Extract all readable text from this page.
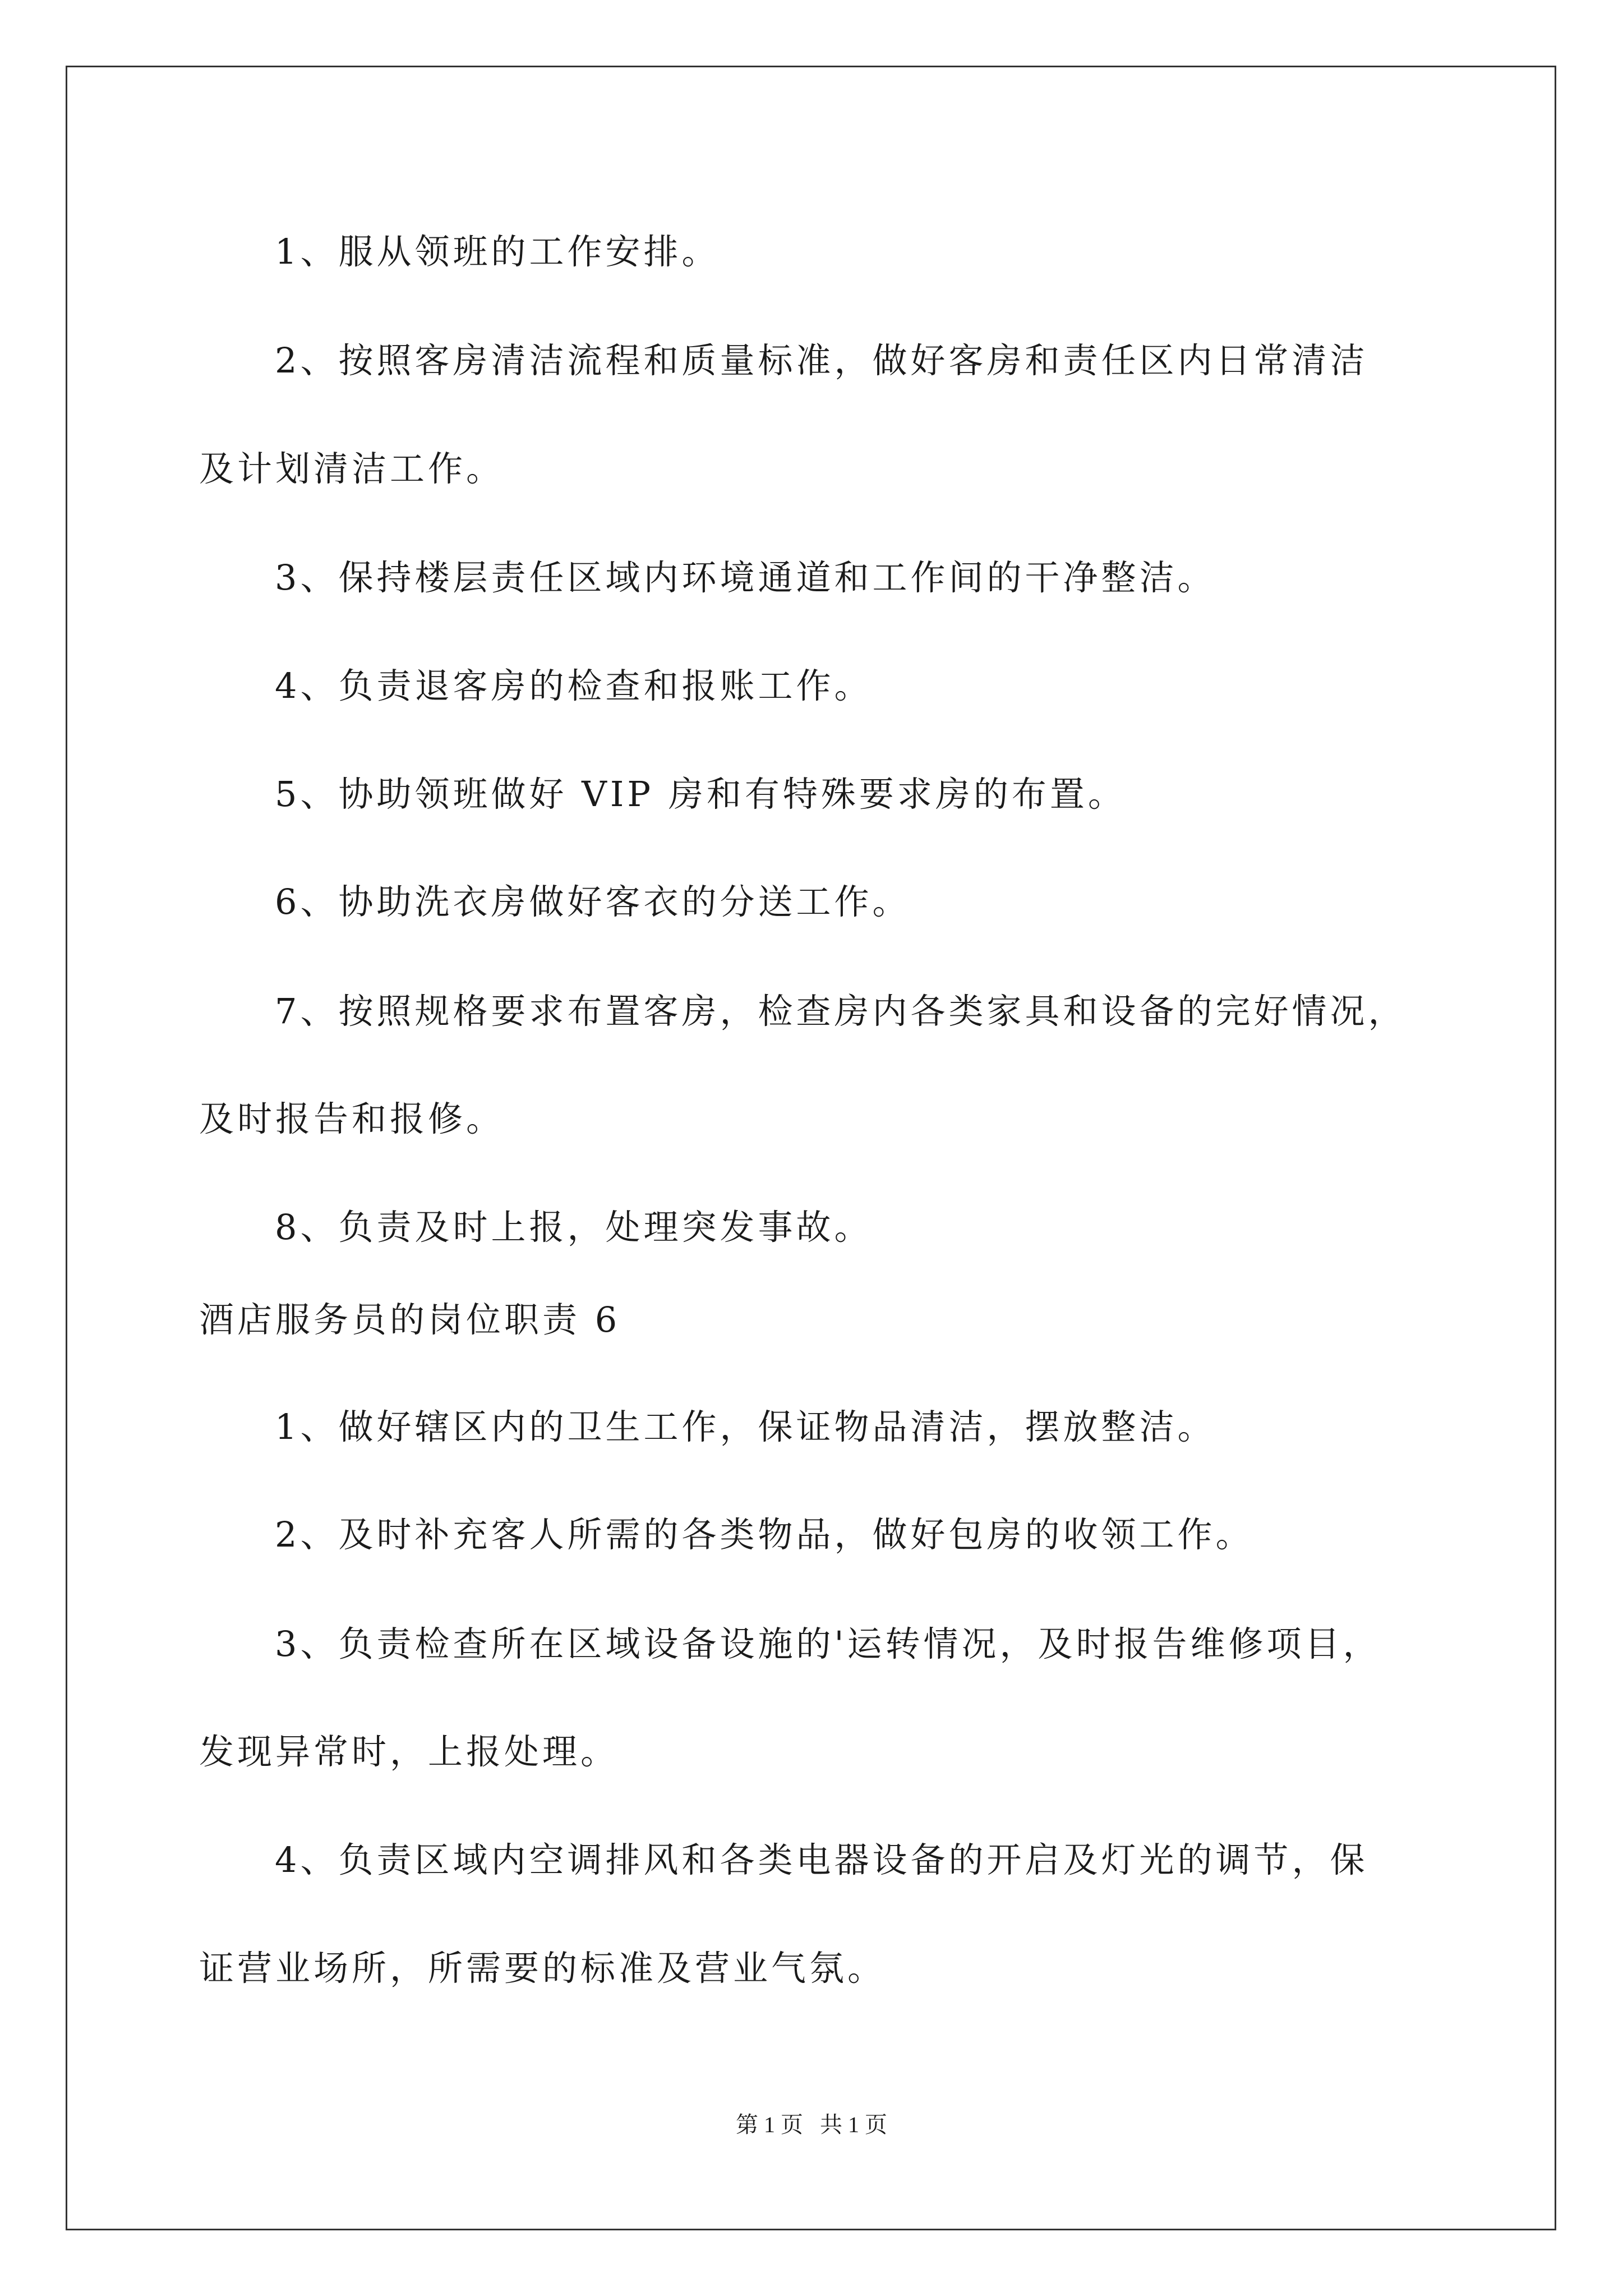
1、服从领班的工作安排。
2、按照客房清洁流程和质量标准，做好客房和责任区内日常清洁
及计划清洁工作。
3、保持楼层责任区域内环境通道和工作间的干净整洁。
4、负责退客房的检查和报账工作。
5、协助领班做好 VIP 房和有特殊要求房的布置。
6、协助洗衣房做好客衣的分送工作。
7、按照规格要求布置客房，检查房内各类家具和设备的完好情况，
及时报告和报修。
8、负责及时上报，处理突发事故。
酒店服务员的岗位职责 6
1、做好辖区内的卫生工作，保证物品清洁，摆放整洁。
2、及时补充客人所需的各类物品，做好包房的收领工作。
3、负责检查所在区域设备设施的'运转情况，及时报告维修项目，
发现异常时，上报处理。
4、负责区域内空调排风和各类电器设备的开启及灯光的调节，保
证营业场所，所需要的标准及营业气氛。
第 1 页   共 1 页
